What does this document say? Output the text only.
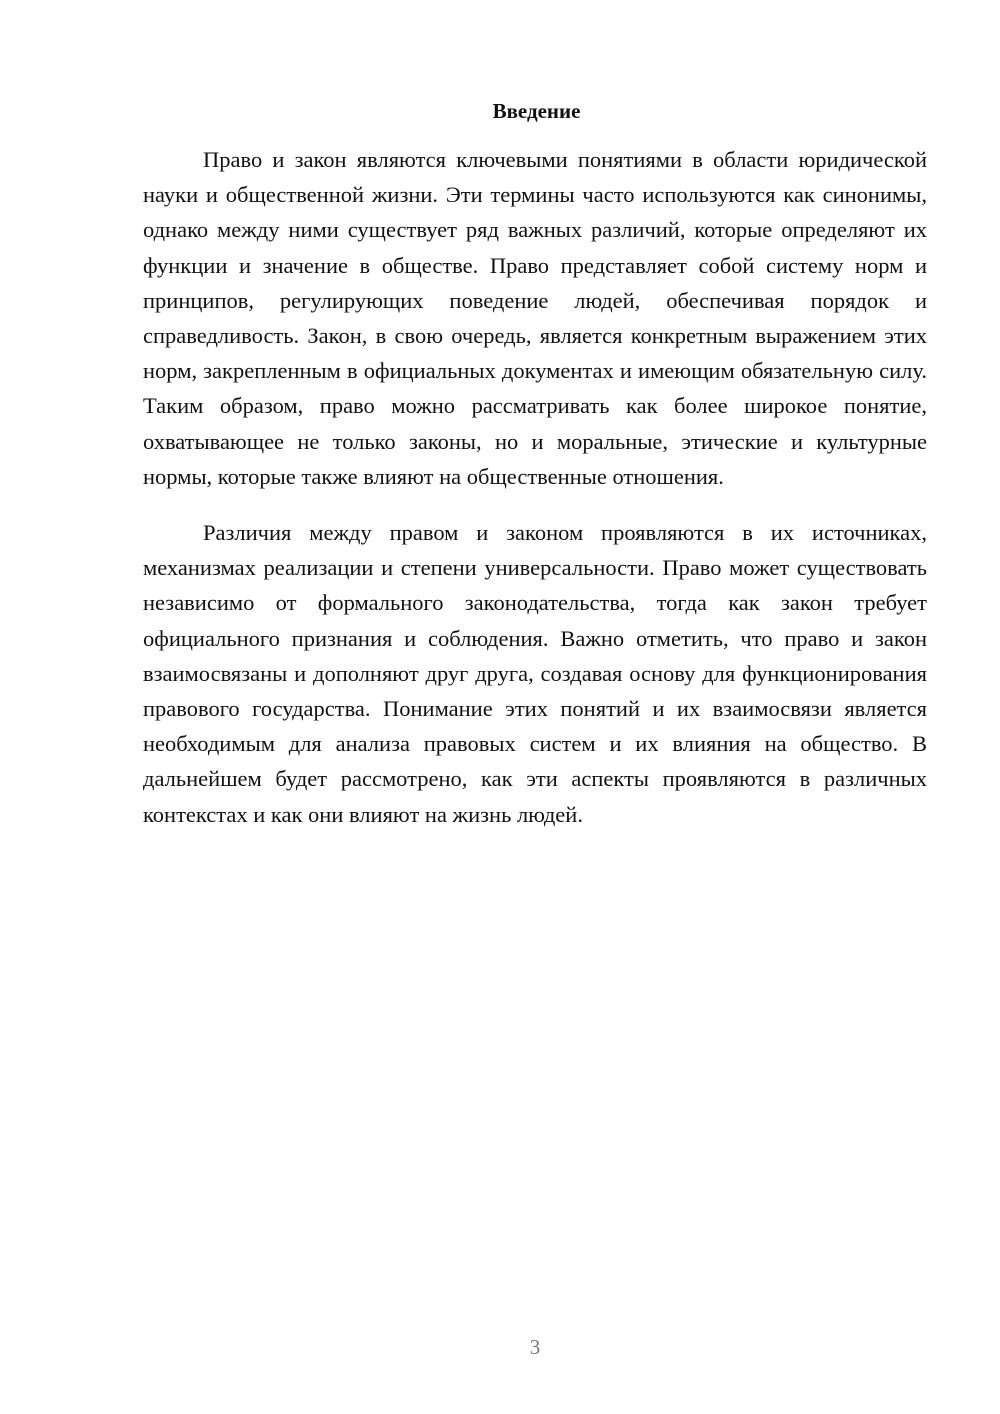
Введение

Право и закон являются ключевыми понятиями в области юридической науки и общественной жизни. Эти термины часто используются как синонимы, однако между ними существует ряд важных различий, которые определяют их функции и значение в обществе. Право представляет собой систему норм и принципов, регулирующих поведение людей, обеспечивая порядок и справедливость. Закон, в свою очередь, является конкретным выражением этих норм, закрепленным в официальных документах и имеющим обязательную силу. Таким образом, право можно рассматривать как более широкое понятие, охватывающее не только законы, но и моральные, этические и культурные нормы, которые также влияют на общественные отношения.

Различия между правом и законом проявляются в их источниках, механизмах реализации и степени универсальности. Право может существовать независимо от формального законодательства, тогда как закон требует официального признания и соблюдения. Важно отметить, что право и закон взаимосвязаны и дополняют друг друга, создавая основу для функционирования правового государства. Понимание этих понятий и их взаимосвязи является необходимым для анализа правовых систем и их влияния на общество. В дальнейшем будет рассмотрено, как эти аспекты проявляются в различных контекстах и как они влияют на жизнь людей.

3
